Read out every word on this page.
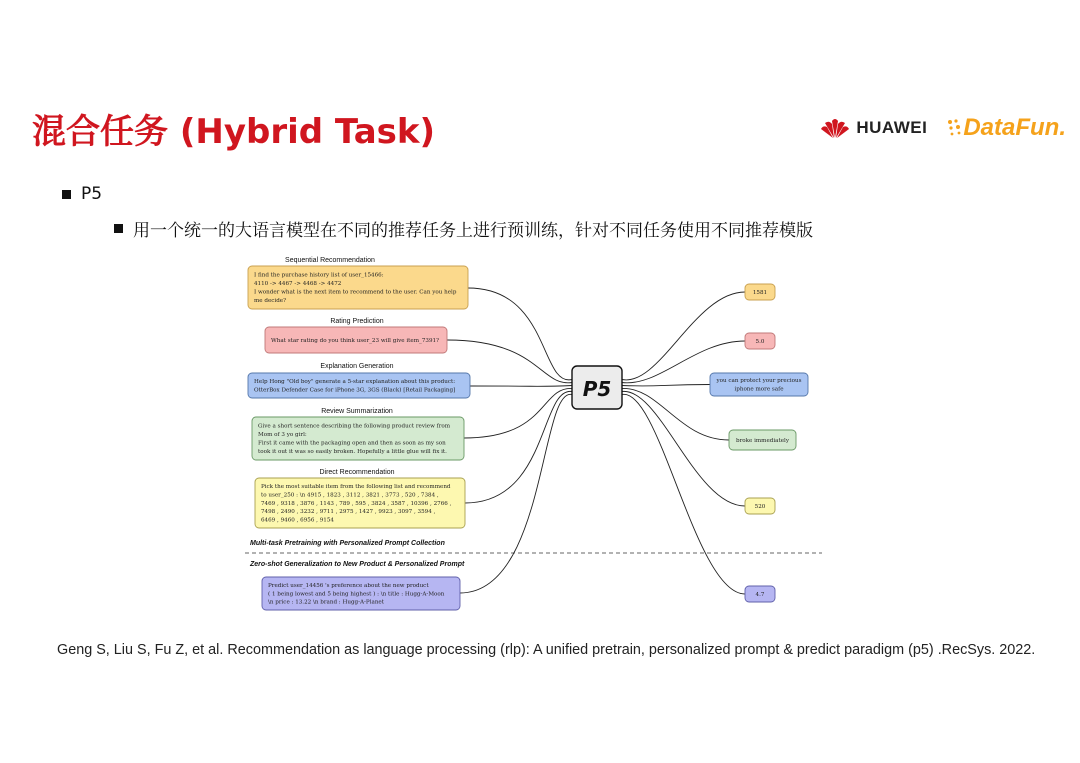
混合任务 (Hybrid Task)	HUAWEI DataFun.
P5
用一个统一的大语言模型在不同的推荐任务上进行预训练，针对不同任务使用不同推荐模版
Sequential Recommendation
I find the purchase history list of user_15466:
4110 -> 4467 -> 4468 -> 4472
I wonder what is the next item to recommend to the user. Can you help
me decide?
Rating Prediction
What star rating do you think user_23 will give item_7391?
Explanation Generation
Help Hong "Old boy" generate a 5-star explanation about this product:
OtterBox Defender Case for iPhone 3G, 3GS (Black) [Retail Packaging]
Review Summarization
Give a short sentence describing the following product review from
Mom of 3 yo girl:
First it came with the packaging open and then as soon as my son
took it out it was so easily broken. Hopefully a little glue will fix it.
Direct Recommendation
Pick the most suitable item from the following list and recommend
to user_250 : \n 4915 , 1823 , 3112 , 3821 , 3773 , 520 , 7384 ,
7469 , 9318 , 3876 , 1143 , 789 , 595 , 3824 , 3587 , 10396 , 2766 ,
7498 , 2490 , 3232 , 9711 , 2975 , 1427 , 9923 , 3097 , 3594 ,
6469 , 9460 , 6956 , 9154
Zero-shot Generalization to New Product & Personalized Prompt
Predict user_14456 's preference about the new product
( 1 being lowest and 5 being highest ) : \n title : Hugg-A-Moon
\n price : 13.22 \n brand : Hugg-A-Planet
Multi-task Pretraining with Personalized Prompt Collection
1581
5.0
you can protect your precious
iphone more safe
broke immediately
520
4.7
P5
Geng S, Liu S, Fu Z, et al. Recommendation as language processing (rlp): A unified pretrain, personalized prompt & predict paradigm (p5) .RecSys. 2022.
